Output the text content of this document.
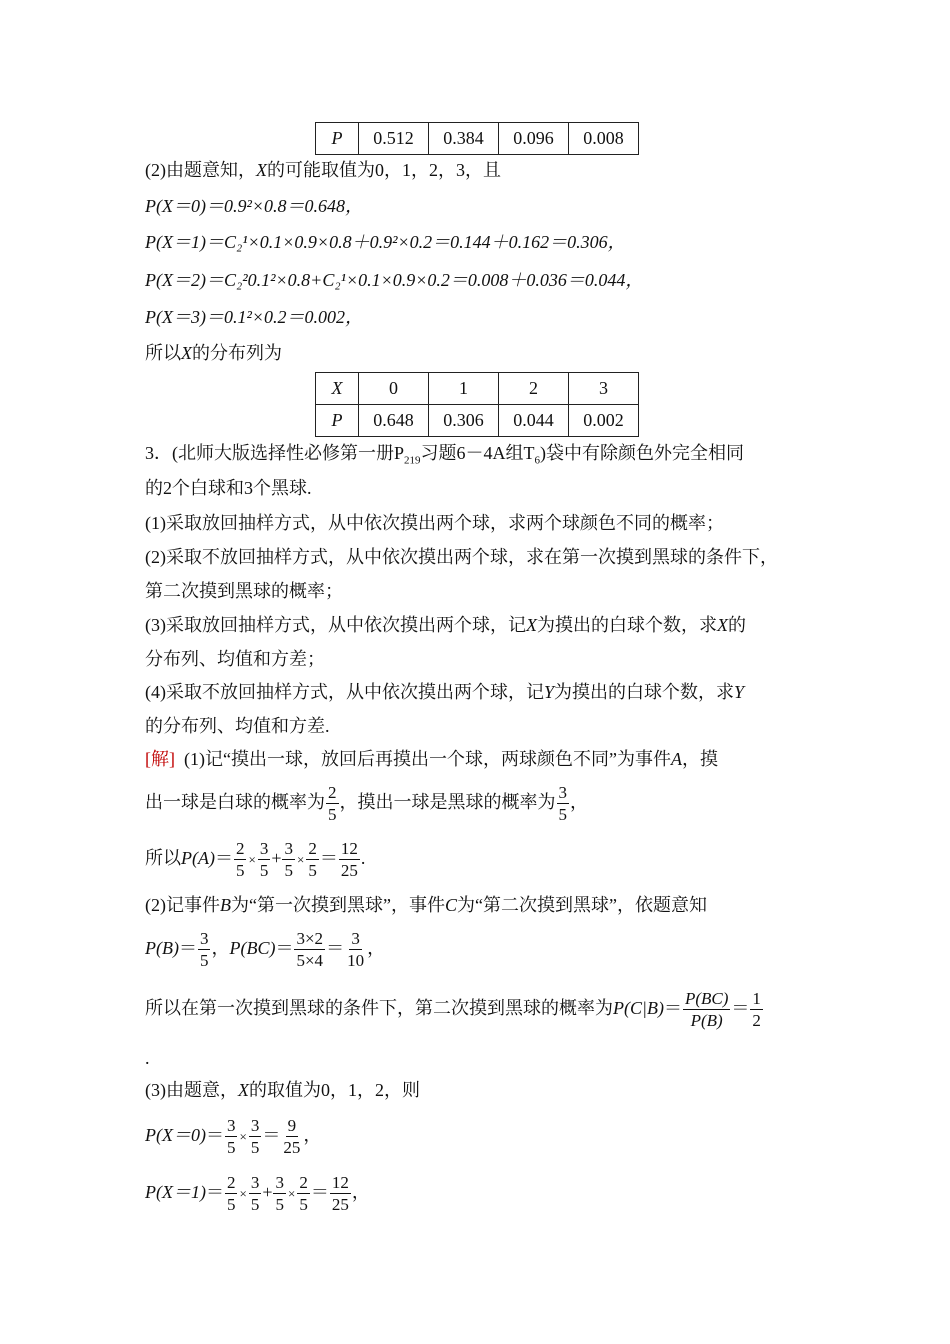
P	0.512	0.384	0.096	0.008
(2)由题意知，X的可能取值为0，1，2，3，且
P(X＝0)＝0.9²×0.8＝0.648，
P(X＝1)＝C₂¹×0.1×0.9×0.8＋0.9²×0.2＝0.144＋0.162＝0.306，
P(X＝2)＝C₂²0.1²×0.8+C₂¹×0.1×0.9×0.2＝0.008＋0.036＝0.044，
P(X＝3)＝0.1²×0.2＝0.002，
所以X的分布列为
X	0	1	2	3
P	0.648	0.306	0.044	0.002
3．(北师大版选择性必修第一册$P_{219}$习题6－4A组$T_6$)袋中有除颜色外完全相同
的2个白球和3个黑球.
(1)采取放回抽样方式，从中依次摸出两个球，求两个球颜色不同的概率；
(2)采取不放回抽样方式，从中依次摸出两个球，求在第一次摸到黑球的条件下，
第二次摸到黑球的概率；
(3)采取放回抽样方式，从中依次摸出两个球，记X为摸出的白球个数，求X的
分布列、均值和方差；
(4)采取不放回抽样方式，从中依次摸出两个球，记Y为摸出的白球个数，求Y
的分布列、均值和方差.
[解] (1)记“摸出一球，放回后再摸出一个球，两球颜色不同”为事件A，摸
出一球是白球的概率为 $\frac{2}{5}$ ，摸出一球是黑球的概率为 $\frac{3}{5}$ ，
所以$P(A)= \frac{2}{5} \times \frac{3}{5} + \frac{3}{5} \times \frac{2}{5} = \frac{12}{25}$ .
(2)记事件B为“第一次摸到黑球”，事件C为“第二次摸到黑球”，依题意知
$P(B)= \frac{3}{5}$ ，$P(BC)= \frac{3\times 2}{5\times 4} = \frac{3}{10}$ ，
所以在第一次摸到黑球的条件下，第二次摸到黑球的概率为$P(C|B)= \frac{P(BC)}{P(B)} = \frac{1}{2}$
.
(3)由题意，X的取值为0，1，2，则
$P(X=0)= \frac{3}{5} \times \frac{3}{5} = \frac{9}{25}$ ，
$P(X=1)= \frac{2}{5} \times \frac{3}{5} + \frac{3}{5} \times \frac{2}{5} = \frac{12}{25}$ ，
